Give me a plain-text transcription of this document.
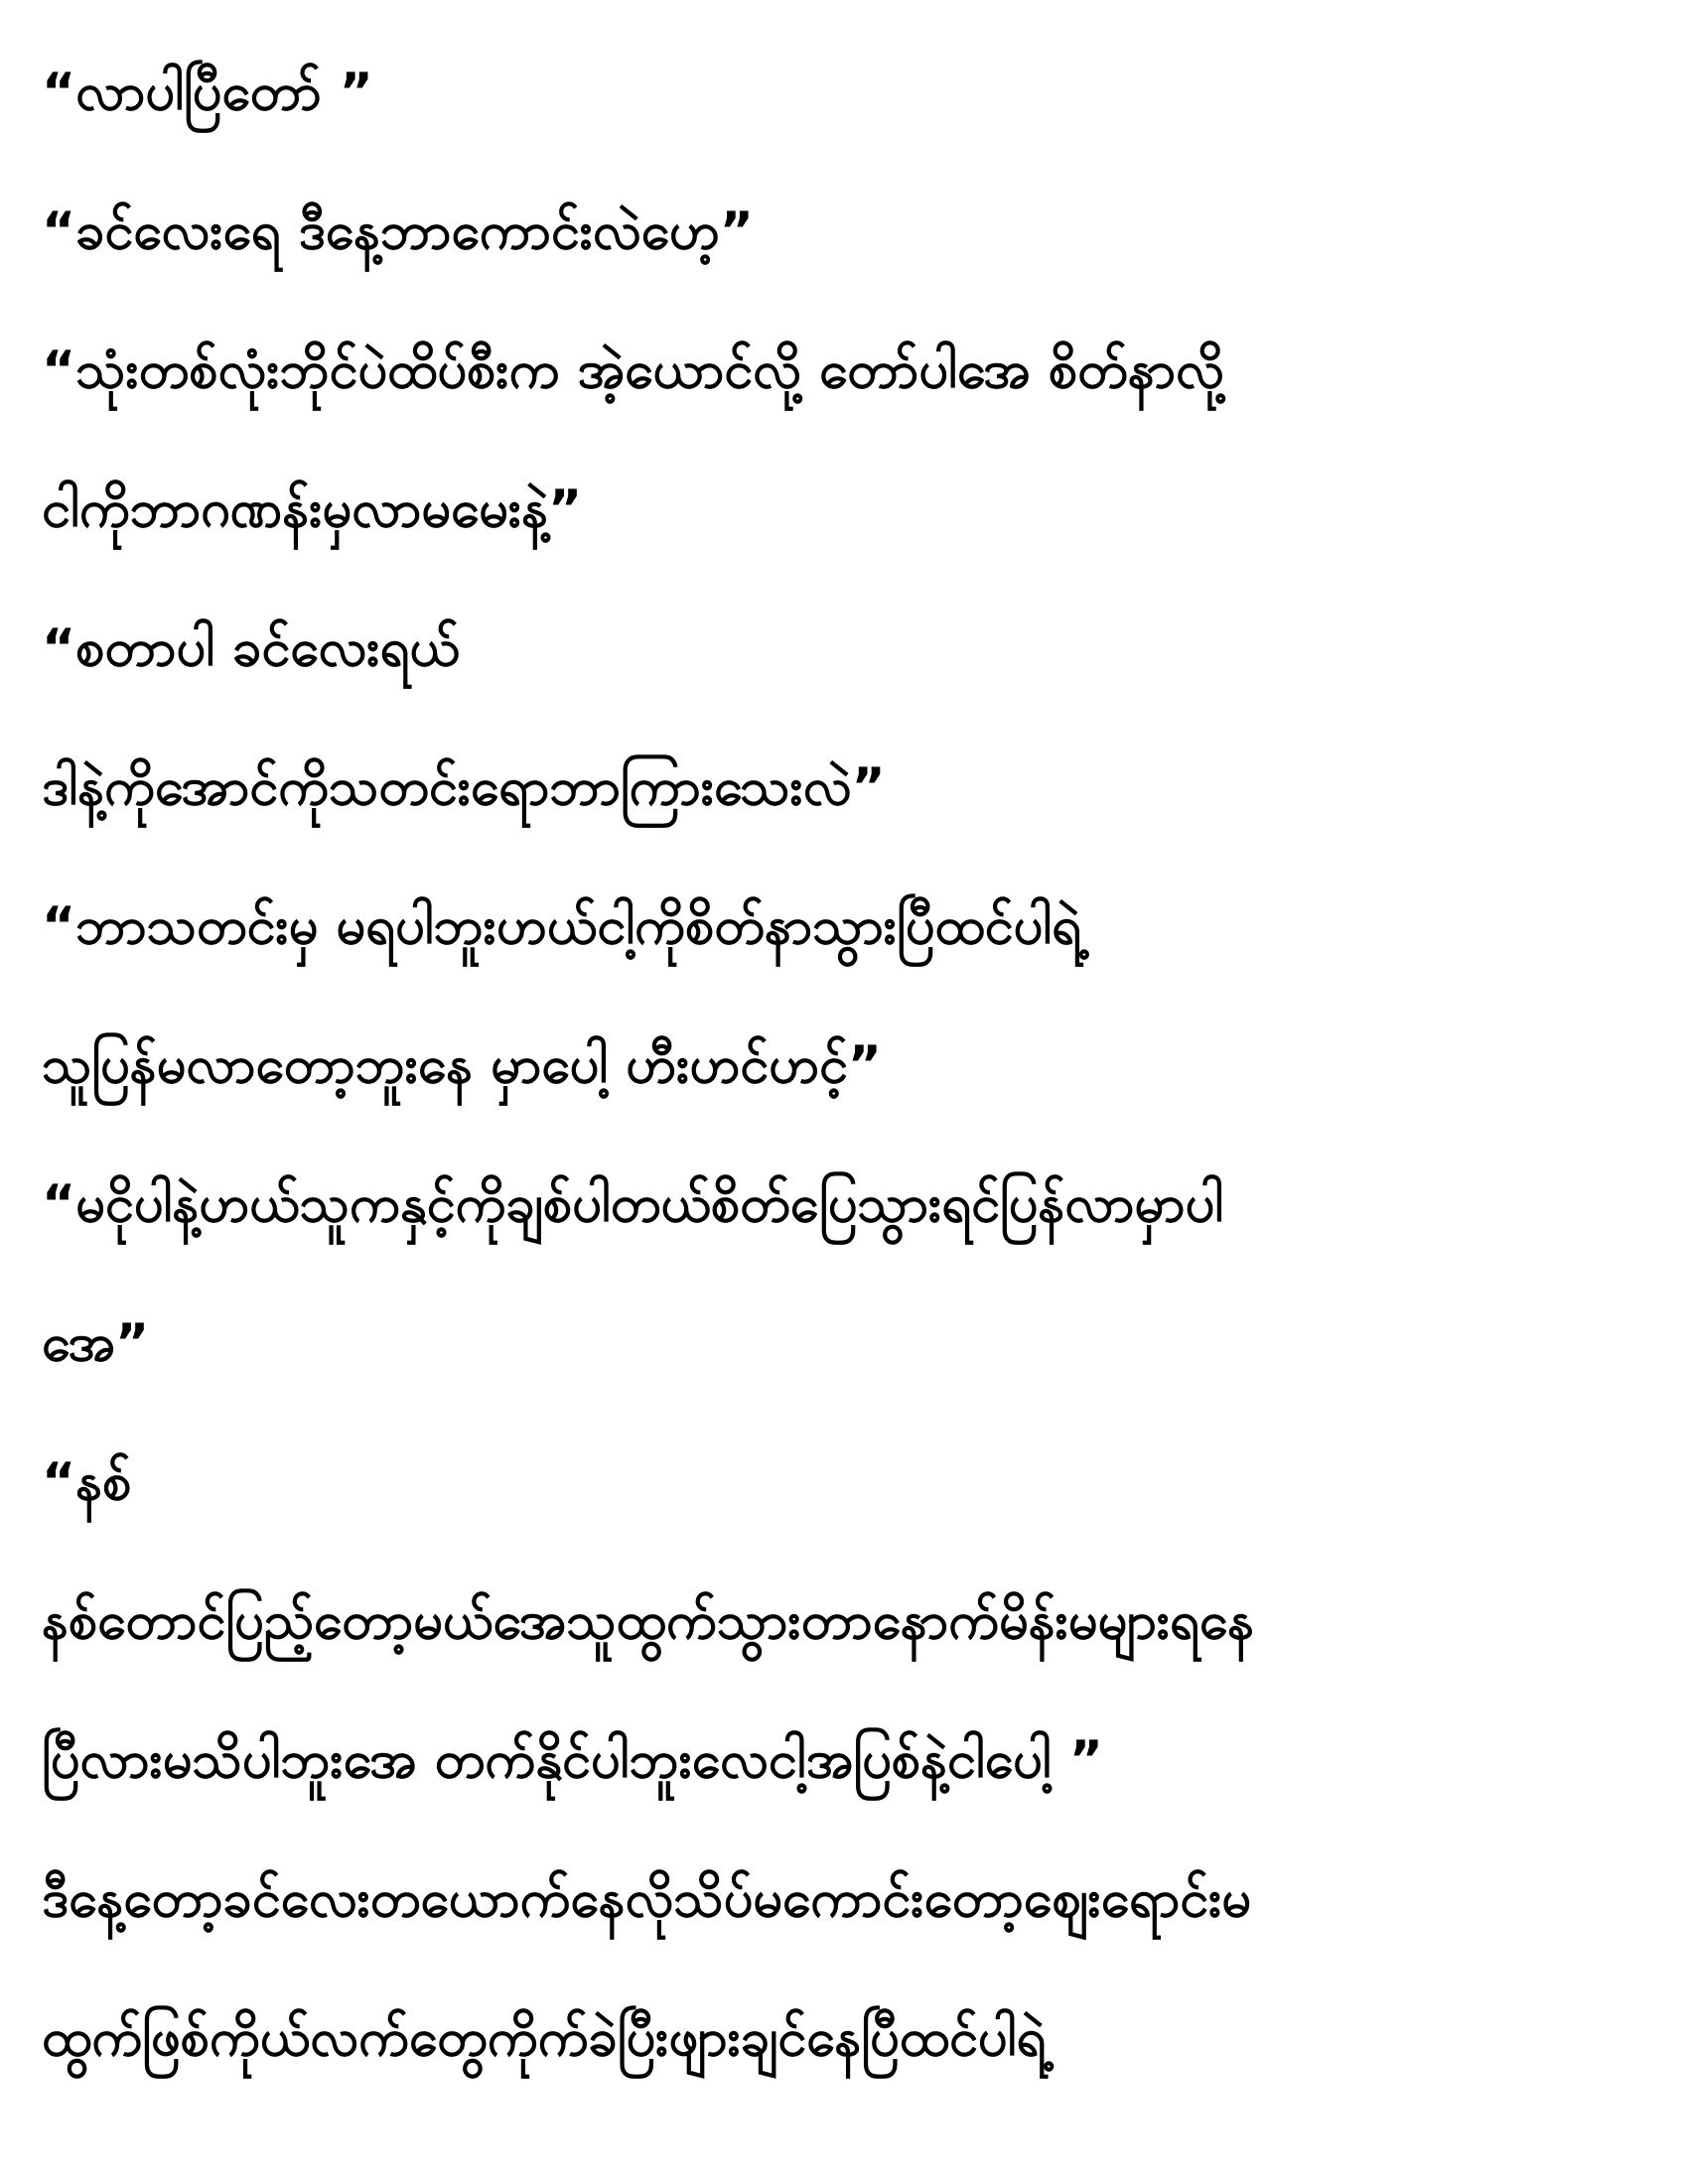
“လာပါပြီတော် ”
“ခင်လေးရေ ဒီနေ့ဘာကောင်းလဲဟေ့”
“သုံးတစ်လုံးဘိုင်ပဲထိပ်စီးက အဲ့ယောင်လို့ တော်ပါအေ စိတ်နာလို့
ငါကိုဘာဂဏန်းမှလာမမေးနဲ့”
“စတာပါ ခင်လေးရယ်
ဒါနဲ့ကိုအောင်ကိုသတင်းရောဘာကြားသေးလဲ”
“ဘာသတင်းမှ မရပါဘူးဟယ်ငါ့ကိုစိတ်နာသွားပြီထင်ပါရဲ့
သူပြန်မလာတော့ဘူးနေ မှာပေါ့ ဟီးဟင်ဟင့်”
“မငိုပါနဲ့ဟယ်သူကနှင့်ကိုချစ်ပါတယ်စိတ်ပြေသွားရင်ပြန်လာမှာပါ
အေ”
“နစ်
နစ်တောင်ပြည့်တော့မယ်အေသူထွက်သွားတာနောက်မိန်းမများရနေ
ပြီလားမသိပါဘူးအေ တက်နိုင်ပါဘူးလေငါ့အပြစ်နဲ့ငါပေါ့ ”
ဒီနေ့တော့ခင်လေးတယောက်နေလိုသိပ်မကောင်းတော့ဈေးရောင်းမ
ထွက်ဖြစ်ကိုယ်လက်တွေကိုက်ခဲပြီးဖျားချင်နေပြီထင်ပါရဲ့
